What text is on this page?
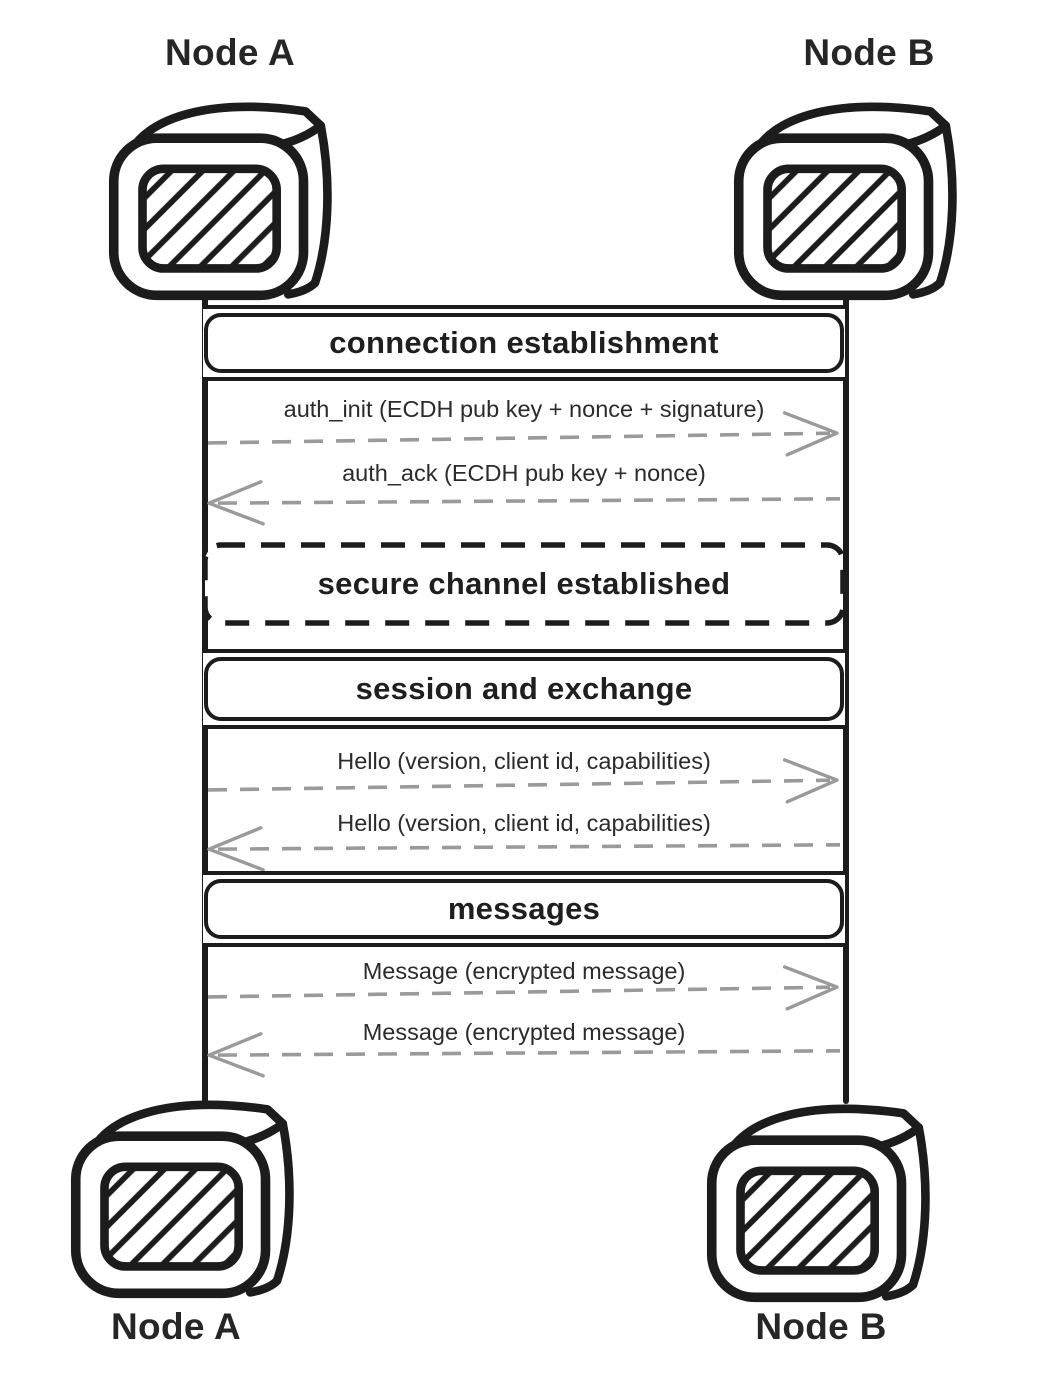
Node A	Node B
Node A	Node B
connection establishment
auth_init (ECDH pub key + nonce + signature)
auth_ack (ECDH pub key + nonce)
secure channel established
session and exchange
Hello (version, client id, capabilities)
Hello (version, client id, capabilities)
messages
Message (encrypted message)
Message (encrypted message)
